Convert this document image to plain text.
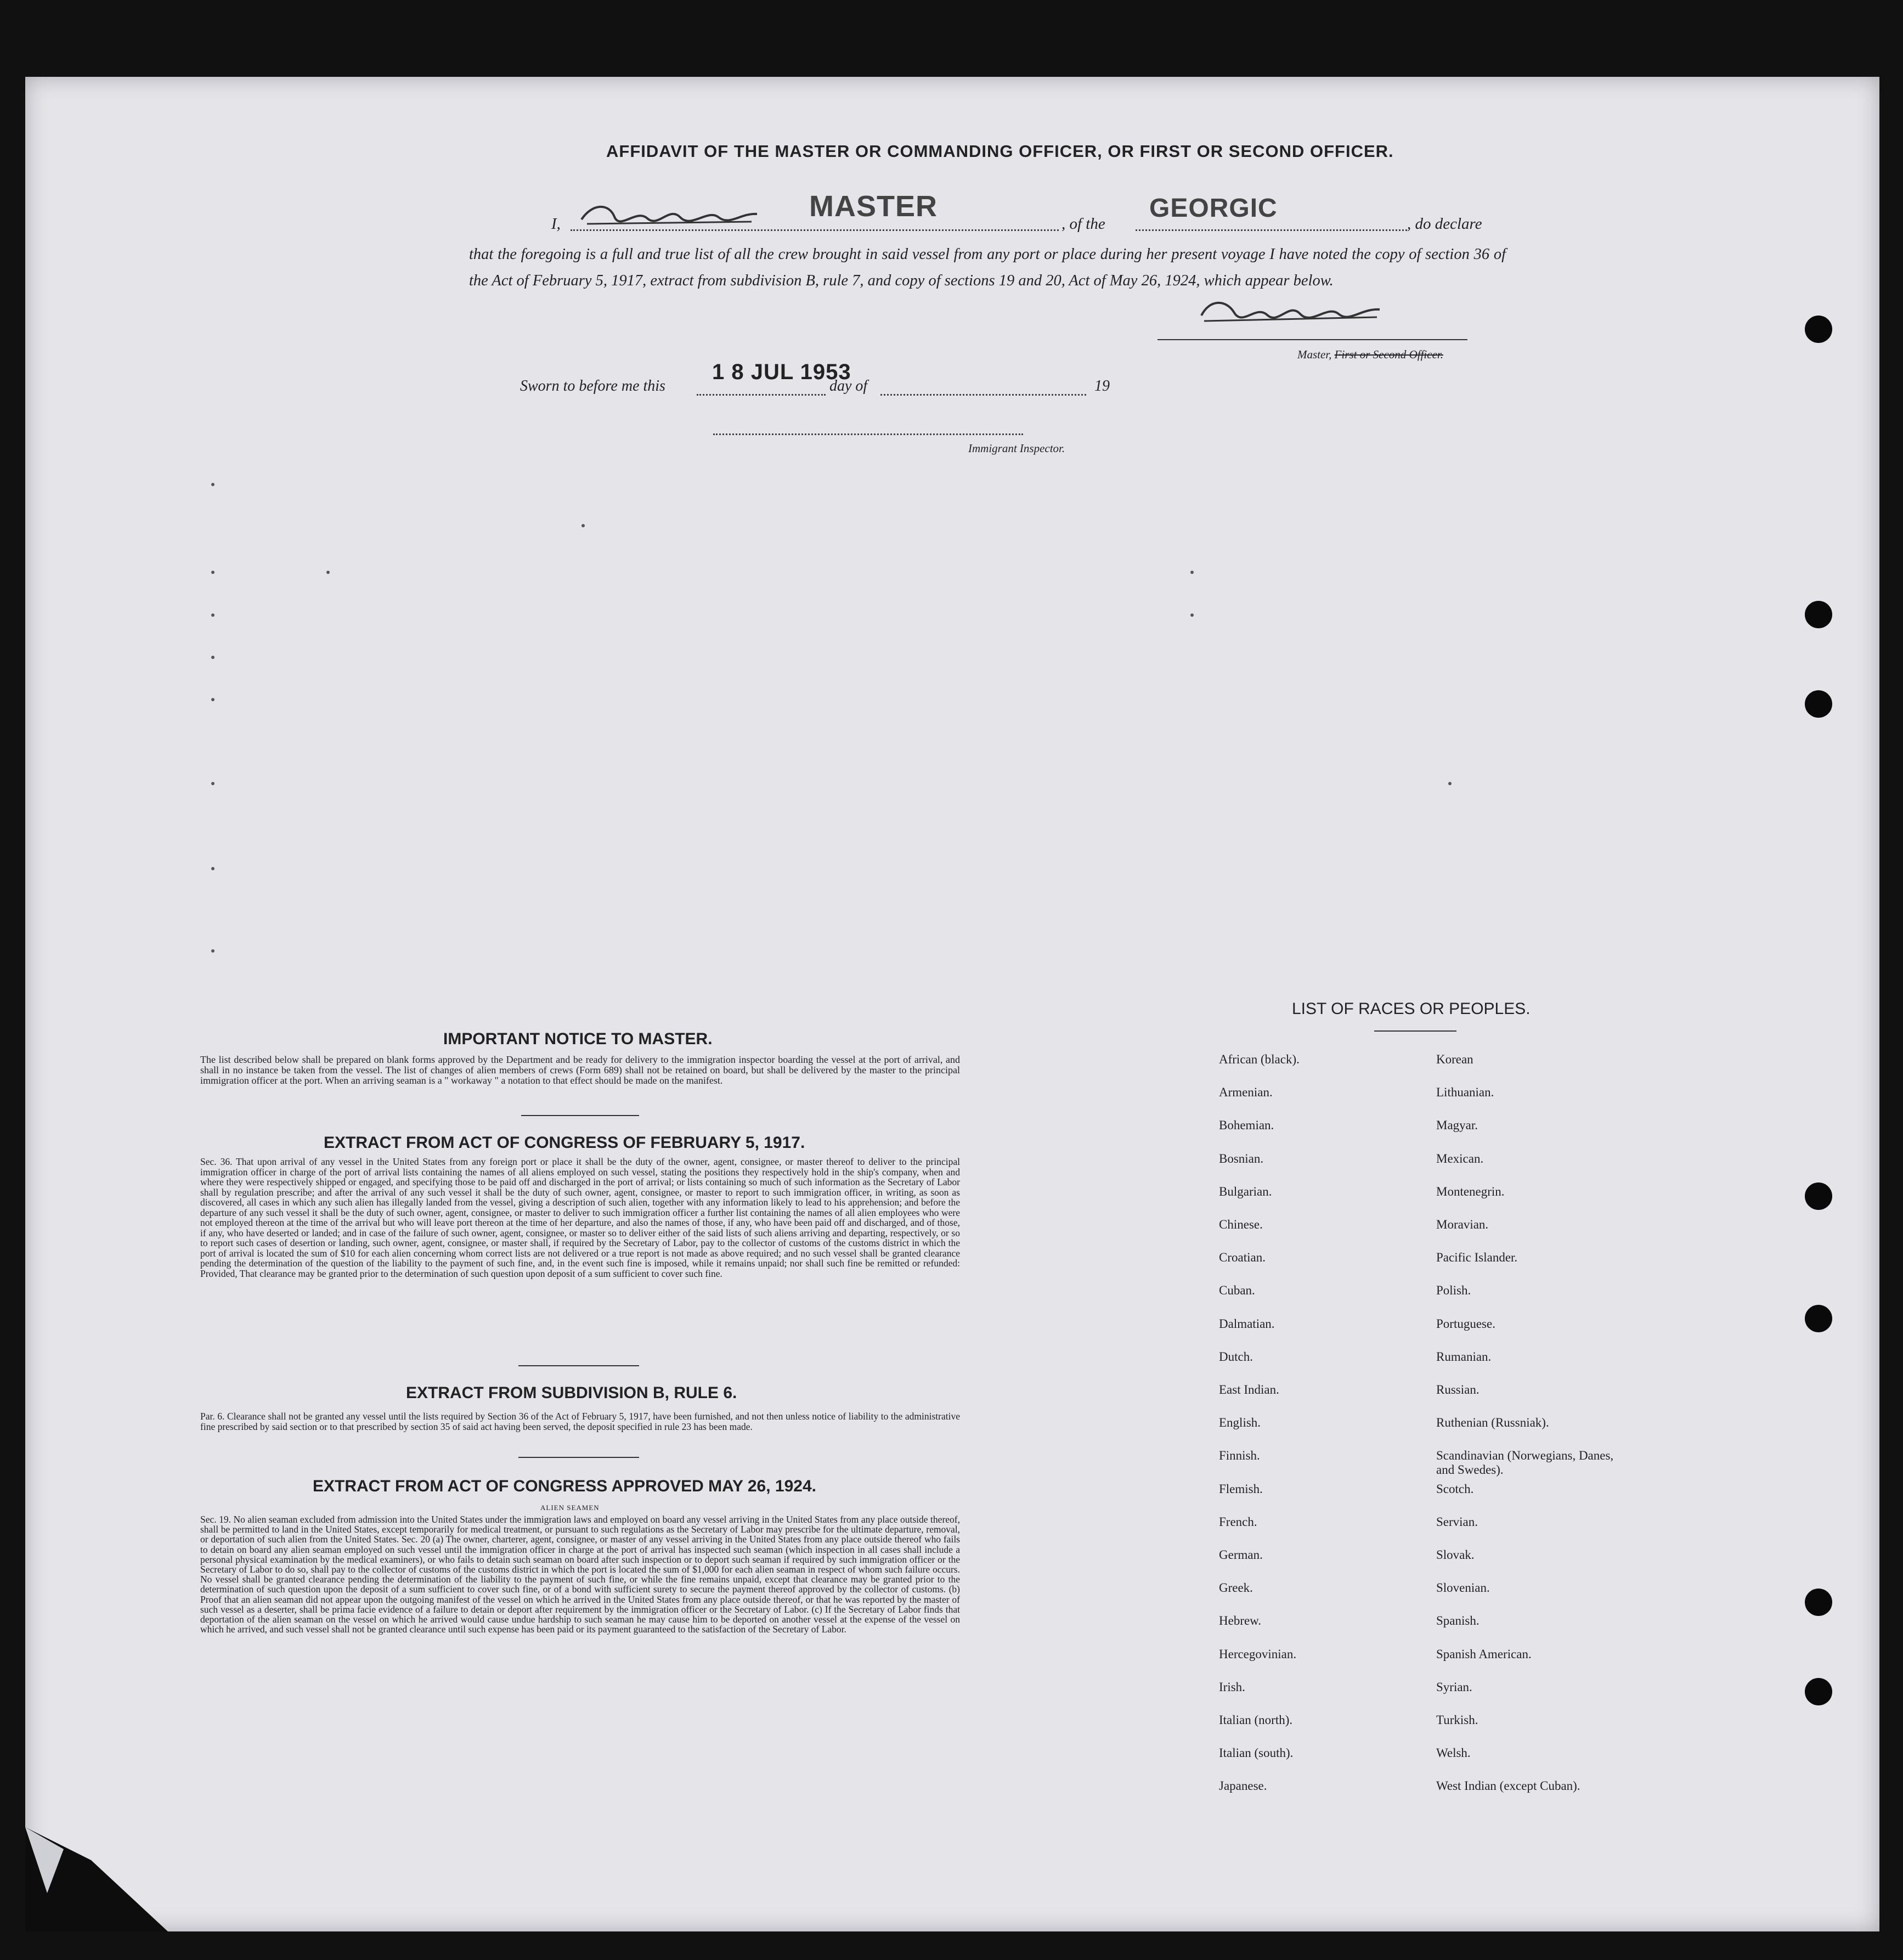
AFFIDAVIT OF THE MASTER OR COMMANDING OFFICER, OR FIRST OR SECOND OFFICER.
I,
MASTER
, of the
GEORGIC
, do declare
that the foregoing is a full and true list of all the crew brought in said vessel from any port or place during her present voyage I have noted the copy of section 36 of the Act of February 5, 1917, extract from subdivision B, rule 7, and copy of sections 19 and 20, Act of May 26, 1924, which appear below.
Master, First or Second Officer.
Sworn to before me this
1 8 JUL 1953
day of	19
Immigrant Inspector.
IMPORTANT NOTICE TO MASTER.
The list described below shall be prepared on blank forms approved by the Department and be ready for delivery to the immigration inspector boarding the vessel at the port of arrival, and shall in no instance be taken from the vessel. The list of changes of alien members of crews (Form 689) shall not be retained on board, but shall be delivered by the master to the principal immigration officer at the port. When an arriving seaman is a " workaway " a notation to that effect should be made on the manifest.
EXTRACT FROM ACT OF CONGRESS OF FEBRUARY 5, 1917.
Sec. 36. That upon arrival of any vessel in the United States from any foreign port or place it shall be the duty of the owner, agent, consignee, or master thereof to deliver to the principal immigration officer in charge of the port of arrival lists containing the names of all aliens employed on such vessel, stating the positions they respectively hold in the ship's company, when and where they were respectively shipped or engaged, and specifying those to be paid off and discharged in the port of arrival; or lists containing so much of such information as the Secretary of Labor shall by regulation prescribe; and after the arrival of any such vessel it shall be the duty of such owner, agent, consignee, or master to report to such immigration officer, in writing, as soon as discovered, all cases in which any such alien has illegally landed from the vessel, giving a description of such alien, together with any information likely to lead to his apprehension; and before the departure of any such vessel it shall be the duty of such owner, agent, consignee, or master to deliver to such immigration officer a further list containing the names of all alien employees who were not employed thereon at the time of the arrival but who will leave port thereon at the time of her departure, and also the names of those, if any, who have been paid off and discharged, and of those, if any, who have deserted or landed; and in case of the failure of such owner, agent, consignee, or master so to deliver either of the said lists of such aliens arriving and departing, respectively, or so to report such cases of desertion or landing, such owner, agent, consignee, or master shall, if required by the Secretary of Labor, pay to the collector of customs of the customs district in which the port of arrival is located the sum of $10 for each alien concerning whom correct lists are not delivered or a true report is not made as above required; and no such vessel shall be granted clearance pending the determination of the question of the liability to the payment of such fine, and, in the event such fine is imposed, while it remains unpaid; nor shall such fine be remitted or refunded: Provided, That clearance may be granted prior to the determination of such question upon deposit of a sum sufficient to cover such fine.
EXTRACT FROM SUBDIVISION B, RULE 6.
Par. 6. Clearance shall not be granted any vessel until the lists required by Section 36 of the Act of February 5, 1917, have been furnished, and not then unless notice of liability to the administrative fine prescribed by said section or to that prescribed by section 35 of said act having been served, the deposit specified in rule 23 has been made.
EXTRACT FROM ACT OF CONGRESS APPROVED MAY 26, 1924.
ALIEN SEAMEN
Sec. 19. No alien seaman excluded from admission into the United States under the immigration laws and employed on board any vessel arriving in the United States from any place outside thereof, shall be permitted to land in the United States, except temporarily for medical treatment, or pursuant to such regulations as the Secretary of Labor may prescribe for the ultimate departure, removal, or deportation of such alien from the United States. Sec. 20 (a) The owner, charterer, agent, consignee, or master of any vessel arriving in the United States from any place outside thereof who fails to detain on board any alien seaman employed on such vessel until the immigration officer in charge at the port of arrival has inspected such seaman (which inspection in all cases shall include a personal physical examination by the medical examiners), or who fails to detain such seaman on board after such inspection or to deport such seaman if required by such immigration officer or the Secretary of Labor to do so, shall pay to the collector of customs of the customs district in which the port is located the sum of $1,000 for each alien seaman in respect of whom such failure occurs. No vessel shall be granted clearance pending the determination of the liability to the payment of such fine, or while the fine remains unpaid, except that clearance may be granted prior to the determination of such question upon the deposit of a sum sufficient to cover such fine, or of a bond with sufficient surety to secure the payment thereof approved by the collector of customs. (b) Proof that an alien seaman did not appear upon the outgoing manifest of the vessel on which he arrived in the United States from any place outside thereof, or that he was reported by the master of such vessel as a deserter, shall be prima facie evidence of a failure to detain or deport after requirement by the immigration officer or the Secretary of Labor. (c) If the Secretary of Labor finds that deportation of the alien seaman on the vessel on which he arrived would cause undue hardship to such seaman he may cause him to be deported on another vessel at the expense of the vessel on which he arrived, and such vessel shall not be granted clearance until such expense has been paid or its payment guaranteed to the satisfaction of the Secretary of Labor.
LIST OF RACES OR PEOPLES.
African (black).
Armenian.
Bohemian.
Bosnian.
Bulgarian.
Chinese.
Croatian.
Cuban.
Dalmatian.
Dutch.
East Indian.
English.
Finnish.
Flemish.
French.
German.
Greek.
Hebrew.
Hercegovinian.
Irish.
Italian (north).
Italian (south).
Japanese.
Korean
Lithuanian.
Magyar.
Mexican.
Montenegrin.
Moravian.
Pacific Islander.
Polish.
Portuguese.
Rumanian.
Russian.
Ruthenian (Russniak).
Scandinavian (Norwegians, Danes, and Swedes).
Scotch.
Servian.
Slovak.
Slovenian.
Spanish.
Spanish American.
Syrian.
Turkish.
Welsh.
West Indian (except Cuban).
